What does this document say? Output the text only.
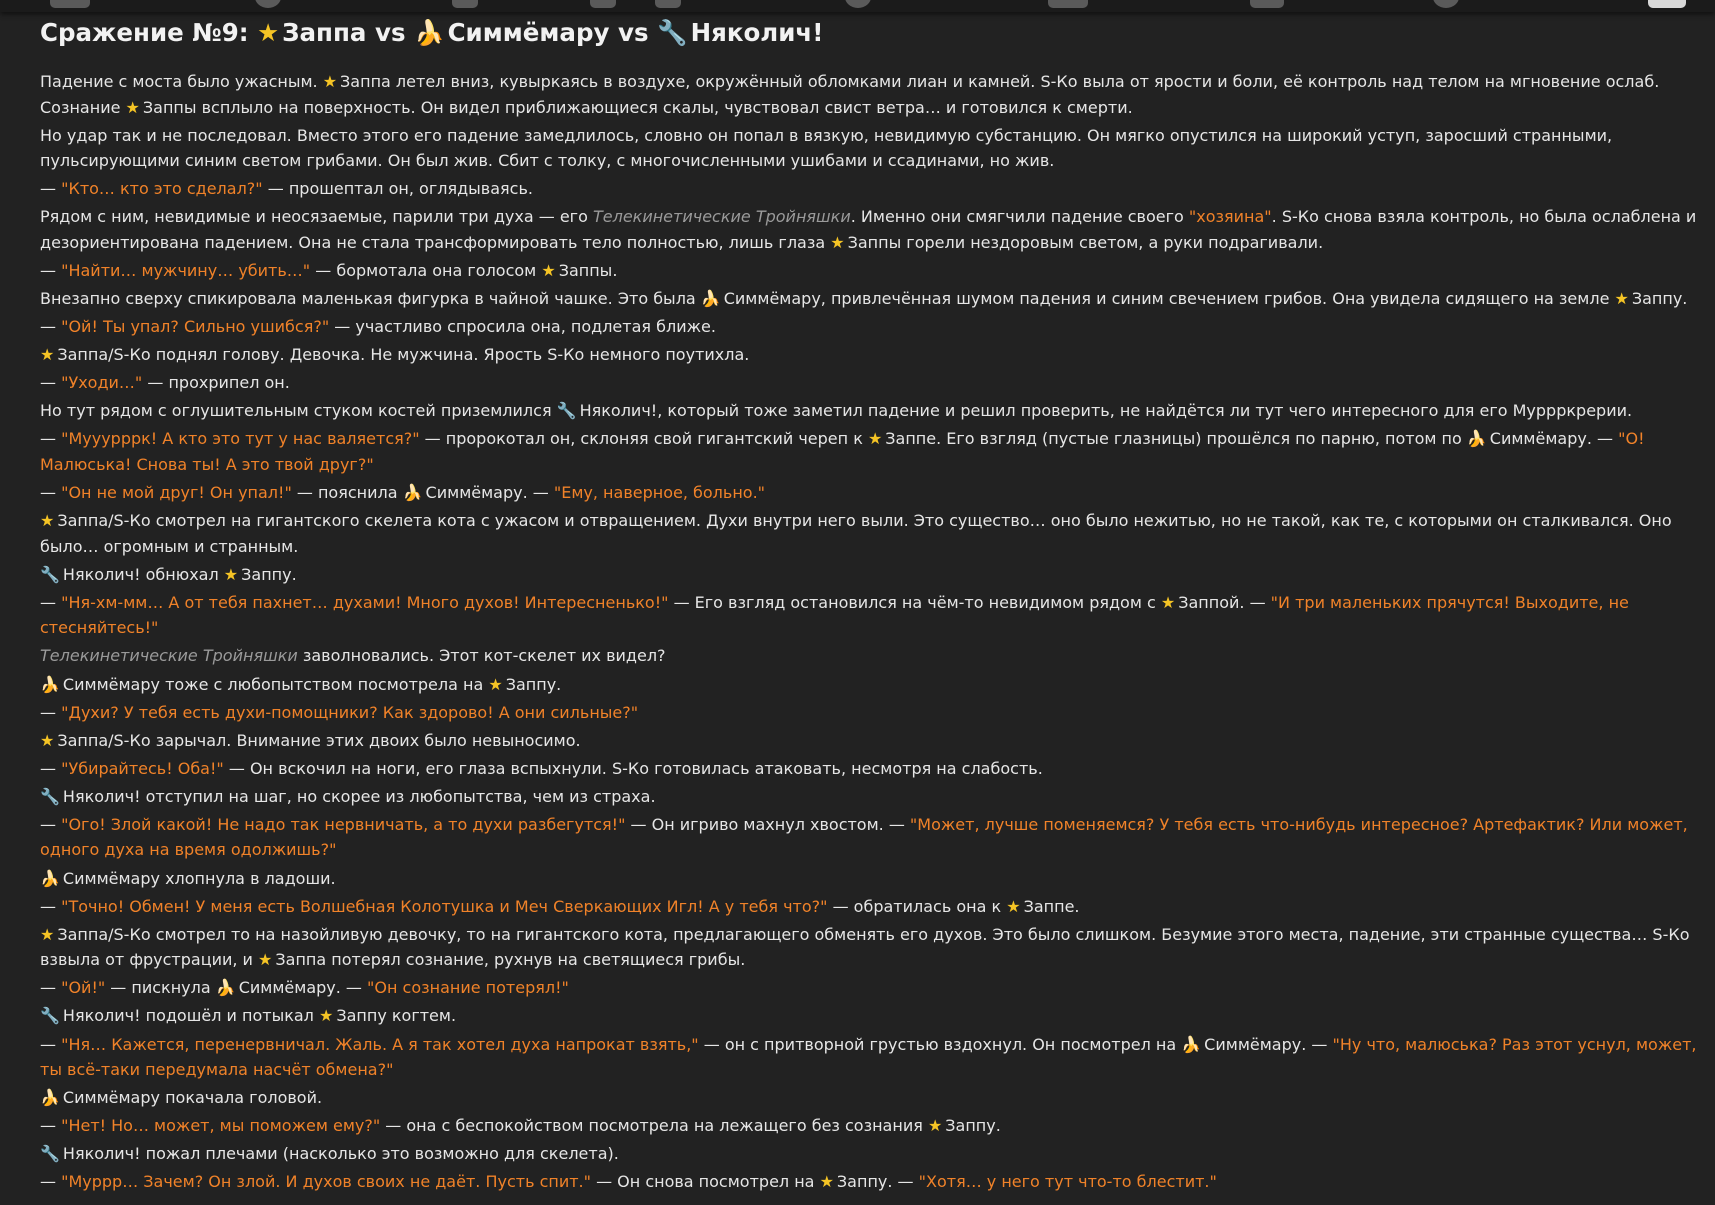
Сражение №9: ★ Заппа vs 🍌 Симмёмару vs 🔧 Няколич!

Падение с моста было ужасным. ★ Заппа летел вниз, кувыркаясь в воздухе, окружённый обломками лиан и камней. S-Ко выла от ярости и боли, её контроль над телом на мгновение ослаб. Сознание ★ Заппы всплыло на поверхность. Он видел приближающиеся скалы, чувствовал свист ветра… и готовился к смерти.

Но удар так и не последовал. Вместо этого его падение замедлилось, словно он попал в вязкую, невидимую субстанцию. Он мягко опустился на широкий уступ, заросший странными, пульсирующими синим светом грибами. Он был жив. Сбит с толку, с многочисленными ушибами и ссадинами, но жив.

— "Кто… кто это сделал?" — прошептал он, оглядываясь.

Рядом с ним, невидимые и неосязаемые, парили три духа — его Телекинетические Тройняшки. Именно они смягчили падение своего "хозяина". S-Ко снова взяла контроль, но была ослаблена и дезориентирована падением. Она не стала трансформировать тело полностью, лишь глаза ★ Заппы горели нездоровым светом, а руки подрагивали.

— "Найти… мужчину… убить…" — бормотала она голосом ★ Заппы.

Внезапно сверху спикировала маленькая фигурка в чайной чашке. Это была 🍌 Симмёмару, привлечённая шумом падения и синим свечением грибов. Она увидела сидящего на земле ★ Заппу.

— "Ой! Ты упал? Сильно ушибся?" — участливо спросила она, подлетая ближе.

★ Заппа/S-Ко поднял голову. Девочка. Не мужчина. Ярость S-Ко немного поутихла.

— "Уходи…" — прохрипел он.

Но тут рядом с оглушительным стуком костей приземлился 🔧 Няколич!, который тоже заметил падение и решил проверить, не найдётся ли тут чего интересного для его Муррркрерии.

— "Мууурррк! А кто это тут у нас валяется?" — пророкотал он, склоняя свой гигантский череп к ★ Заппе. Его взгляд (пустые глазницы) прошёлся по парню, потом по 🍌 Симмёмару. — "О! Малюська! Снова ты! А это твой друг?"

— "Он не мой друг! Он упал!" — пояснила 🍌 Симмёмару. — "Ему, наверное, больно."

★ Заппа/S-Ко смотрел на гигантского скелета кота с ужасом и отвращением. Духи внутри него выли. Это существо… оно было нежитью, но не такой, как те, с которыми он сталкивался. Оно было… огромным и странным.

🔧 Няколич! обнюхал ★ Заппу.

— "Ня-хм-мм… А от тебя пахнет… духами! Много духов! Интересненько!" — Его взгляд остановился на чём-то невидимом рядом с ★ Заппой. — "И три маленьких прячутся! Выходите, не стесняйтесь!"

Телекинетические Тройняшки заволновались. Этот кот-скелет их видел?

🍌 Симмёмару тоже с любопытством посмотрела на ★ Заппу.

— "Духи? У тебя есть духи-помощники? Как здорово! А они сильные?"

★ Заппа/S-Ко зарычал. Внимание этих двоих было невыносимо.

— "Убирайтесь! Оба!" — Он вскочил на ноги, его глаза вспыхнули. S-Ко готовилась атаковать, несмотря на слабость.

🔧 Няколич! отступил на шаг, но скорее из любопытства, чем из страха.

— "Ого! Злой какой! Не надо так нервничать, а то духи разбегутся!" — Он игриво махнул хвостом. — "Может, лучше поменяемся? У тебя есть что-нибудь интересное? Артефактик? Или может, одного духа на время одолжишь?"

🍌 Симмёмару хлопнула в ладоши.

— "Точно! Обмен! У меня есть Волшебная Колотушка и Меч Сверкающих Игл! А у тебя что?" — обратилась она к ★ Заппе.

★ Заппа/S-Ко смотрел то на назойливую девочку, то на гигантского кота, предлагающего обменять его духов. Это было слишком. Безумие этого места, падение, эти странные существа… S-Ко взвыла от фрустрации, и ★ Заппа потерял сознание, рухнув на светящиеся грибы.

— "Ой!" — пискнула 🍌 Симмёмару. — "Он сознание потерял!"

🔧 Няколич! подошёл и потыкал ★ Заппу когтем.

— "Ня… Кажется, перенервничал. Жаль. А я так хотел духа напрокат взять," — он с притворной грустью вздохнул. Он посмотрел на 🍌 Симмёмару. — "Ну что, малюська? Раз этот уснул, может, ты всё-таки передумала насчёт обмена?"

🍌 Симмёмару покачала головой.

— "Нет! Но… может, мы поможем ему?" — она с беспокойством посмотрела на лежащего без сознания ★ Заппу.

🔧 Няколич! пожал плечами (насколько это возможно для скелета).

— "Муррр… Зачем? Он злой. И духов своих не даёт. Пусть спит." — Он снова посмотрел на ★ Заппу. — "Хотя… у него тут что-то блестит."
